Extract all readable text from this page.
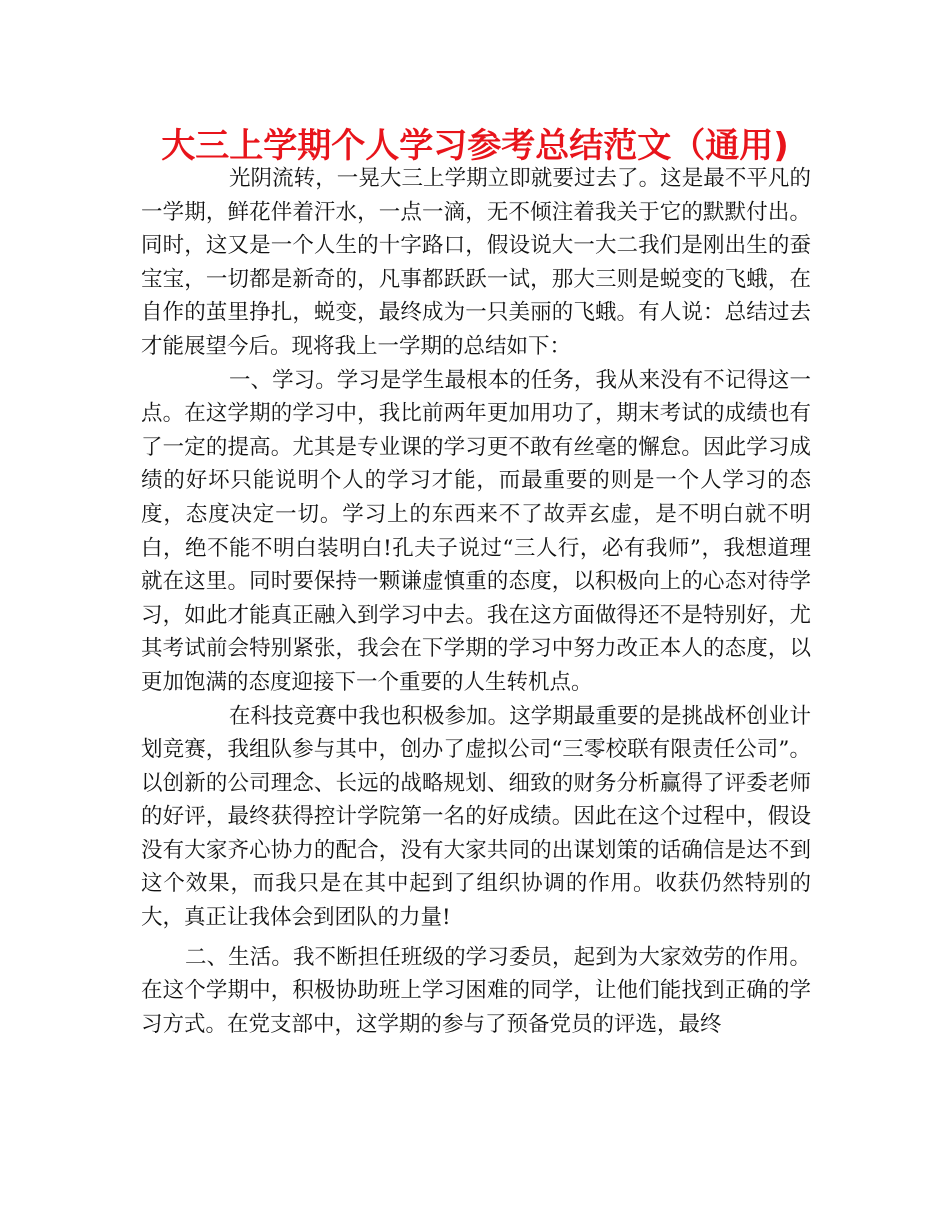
大三上学期个人学习参考总结范文（通用)

光阴流转，一晃大三上学期立即就要过去了。这是最不平凡的一学期，鲜花伴着汗水，一点一滴，无不倾注着我关于它的默默付出。同时，这又是一个人生的十字路口，假设说大一大二我们是刚出生的蚕宝宝，一切都是新奇的，凡事都跃跃一试，那大三则是蜕变的飞蛾，在自作的茧里挣扎，蜕变，最终成为一只美丽的飞蛾。有人说：总结过去才能展望今后。现将我上一学期的总结如下：

一、学习。学习是学生最根本的任务，我从来没有不记得这一点。在这学期的学习中，我比前两年更加用功了，期末考试的成绩也有了一定的提高。尤其是专业课的学习更不敢有丝毫的懈怠。因此学习成绩的好坏只能说明个人的学习才能，而最重要的则是一个人学习的态度，态度决定一切。学习上的东西来不了故弄玄虚，是不明白就不明白，绝不能不明白装明白!孔夫子说过“三人行，必有我师”，我想道理就在这里。同时要保持一颗谦虚慎重的态度，以积极向上的心态对待学习，如此才能真正融入到学习中去。我在这方面做得还不是特别好，尤其考试前会特别紧张，我会在下学期的学习中努力改正本人的态度，以更加饱满的态度迎接下一个重要的人生转机点。

在科技竞赛中我也积极参加。这学期最重要的是挑战杯创业计划竞赛，我组队参与其中，创办了虚拟公司“三零校联有限责任公司”。以创新的公司理念、长远的战略规划、细致的财务分析赢得了评委老师的好评，最终获得控计学院第一名的好成绩。因此在这个过程中，假设没有大家齐心协力的配合，没有大家共同的出谋划策的话确信是达不到这个效果，而我只是在其中起到了组织协调的作用。收获仍然特别的大，真正让我体会到团队的力量!

二、生活。我不断担任班级的学习委员，起到为大家效劳的作用。在这个学期中，积极协助班上学习困难的同学，让他们能找到正确的学习方式。在党支部中，这学期的参与了预备党员的评选，最终
